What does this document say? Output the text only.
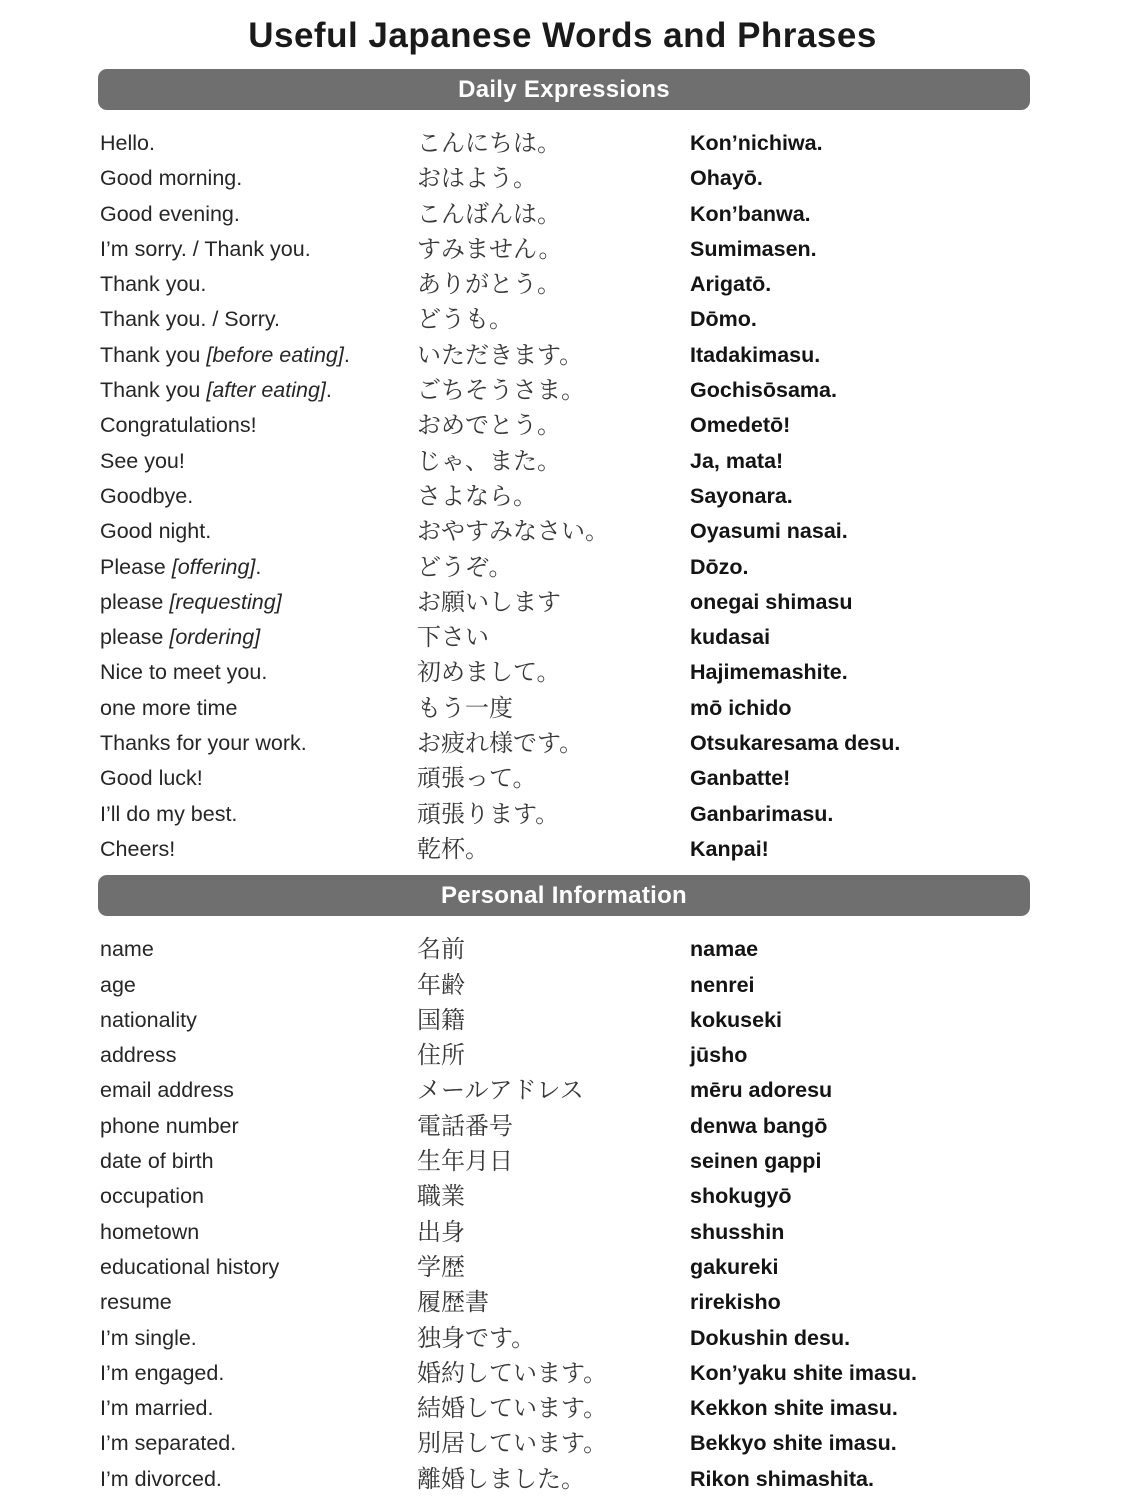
Useful Japanese Words and Phrases
Daily Expressions
Hello.	こんにちは。	Kon’nichiwa.
Good morning.	おはよう。	Ohayō.
Good evening.	こんばんは。	Kon’banwa.
I’m sorry. / Thank you.	すみません。	Sumimasen.
Thank you.	ありがとう。	Arigatō.
Thank you. / Sorry.	どうも。	Dōmo.
Thank you [before eating].	いただきます。	Itadakimasu.
Thank you [after eating].	ごちそうさま。	Gochisōsama.
Congratulations!	おめでとう。	Omedetō!
See you!	じゃ、また。	Ja, mata!
Goodbye.	さよなら。	Sayonara.
Good night.	おやすみなさい。	Oyasumi nasai.
Please [offering].	どうぞ。	Dōzo.
please [requesting]	お願いします	onegai shimasu
please [ordering]	下さい	kudasai
Nice to meet you.	初めまして。	Hajimemashite.
one more time	もう一度	mō ichido
Thanks for your work.	お疲れ様です。	Otsukaresama desu.
Good luck!	頑張って。	Ganbatte!
I’ll do my best.	頑張ります。	Ganbarimasu.
Cheers!	乾杯。	Kanpai!
Personal Information
name	名前	namae
age	年齢	nenrei
nationality	国籍	kokuseki
address	住所	jūsho
email address	メールアドレス	mēru adoresu
phone number	電話番号	denwa bangō
date of birth	生年月日	seinen gappi
occupation	職業	shokugyō
hometown	出身	shusshin
educational history	学歴	gakureki
resume	履歴書	rirekisho
I’m single.	独身です。	Dokushin desu.
I’m engaged.	婚約しています。	Kon’yaku shite imasu.
I’m married.	結婚しています。	Kekkon shite imasu.
I’m separated.	別居しています。	Bekkyo shite imasu.
I’m divorced.	離婚しました。	Rikon shimashita.
